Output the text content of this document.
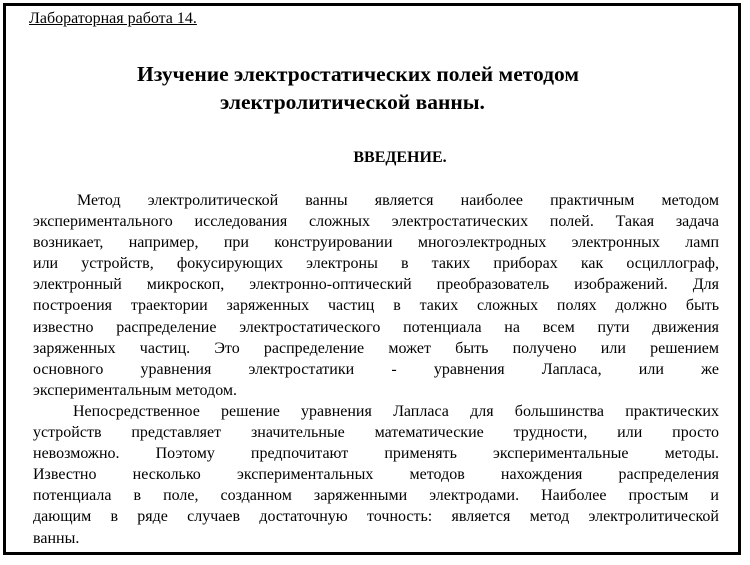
Лабораторная работа 14.
Изучение электростатических полей методом
электролитической ванны.
ВВЕДЕНИЕ.
Метод электролитической ванны является наиболее практичным методом
экспериментального исследования сложных электростатических полей. Такая задача
возникает, например, при конструировании многоэлектродных электронных ламп
или устройств, фокусирующих электроны в таких приборах как осциллограф,
электронный микроскоп, электронно-оптический преобразователь изображений. Для
построения траектории заряженных частиц в таких сложных полях должно быть
известно распределение электростатического потенциала на всем пути движения
заряженных частиц. Это распределение может быть получено или решением
основного уравнения электростатики - уравнения Лапласа, или же
экспериментальным методом.
Непосредственное решение уравнения Лапласа для большинства практических
устройств представляет значительные математические трудности, или просто
невозможно. Поэтому предпочитают применять экспериментальные методы.
Известно несколько экспериментальных методов нахождения распределения
потенциала в поле, созданном заряженными электродами. Наиболее простым и
дающим в ряде случаев достаточную точность: является метод электролитической
ванны.
